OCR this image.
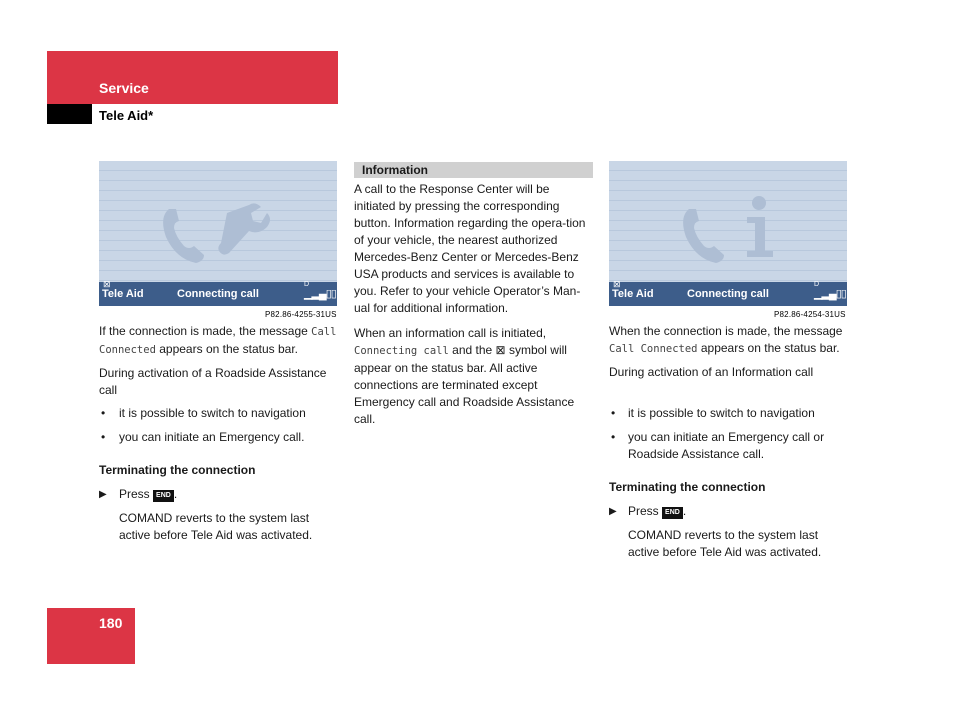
Service
Tele Aid*
⊠
Tele Aid	Connecting call
D
▁▂▄▯▯
P82.86-4255-31US

If the connection is made, the message Call Connected appears on the status bar.

During activation of a Roadside Assistance call

• it is possible to switch to navigation
• you can initiate an Emergency call.
Terminating the connection
▶ Press END .
COMAND reverts to the system last active before Tele Aid was activated.
Information

A call to the Response Center will be initiated by pressing the corresponding button. Information regarding the opera-tion of your vehicle, the nearest authorized Mercedes-Benz Center or Mercedes-Benz USA products and services is available to you. Refer to your vehicle Operator’s Man-ual for additional information.

When an information call is initiated, Connecting call and the ⊠ symbol will appear on the status bar. All active connections are terminated except Emergency call and Roadside Assistance call.

⊠
Tele Aid	Connecting call
D
▁▂▄▯▯
P82.86-4254-31US

When the connection is made, the message Call Connected appears on the status bar.

During activation of an Information call

• it is possible to switch to navigation
• you can initiate an Emergency call or Roadside Assistance call.
Terminating the connection
▶ Press END .
COMAND reverts to the system last active before Tele Aid was activated.
180
